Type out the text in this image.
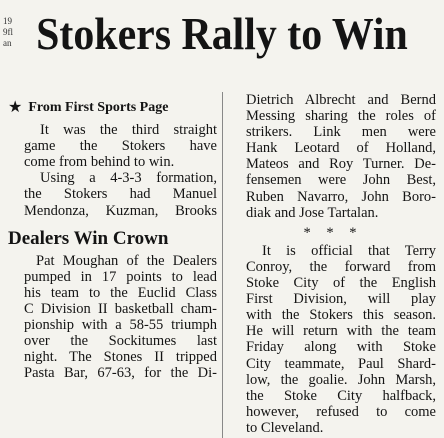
19
9fl
an Stokers Rally to Win
★ From First Sports Page
It was the third straight
game the Stokers have
come from behind to win.
Using a 4-3-3 formation,
the Stokers had Manuel
Mendonza, Kuzman, Brooks
Dealers Win Crown
Pat Moughan of the Dealers
pumped in 17 points to lead
his team to the Euclid Class
C Division II basketball cham-
pionship with a 58-55 triumph
over the Sockitumes last
night. The Stones II tripped
Pasta Bar, 67-63, for the Di-
Dietrich Albrecht and Bernd
Messing sharing the roles of
strikers. Link men were
Hank Leotard of Holland,
Mateos and Roy Turner. De-
fensemen were John Best,
Ruben Navarro, John Boro-
diak and Jose Tartalan.
* * *
It is official that Terry
Conroy, the forward from
Stoke City of the English
First Division, will play
with the Stokers this season.
He will return with the team
Friday along with Stoke
City teammate, Paul Shard-
low, the goalie. John Marsh,
the Stoke City halfback,
however, refused to come
to Cleveland.
